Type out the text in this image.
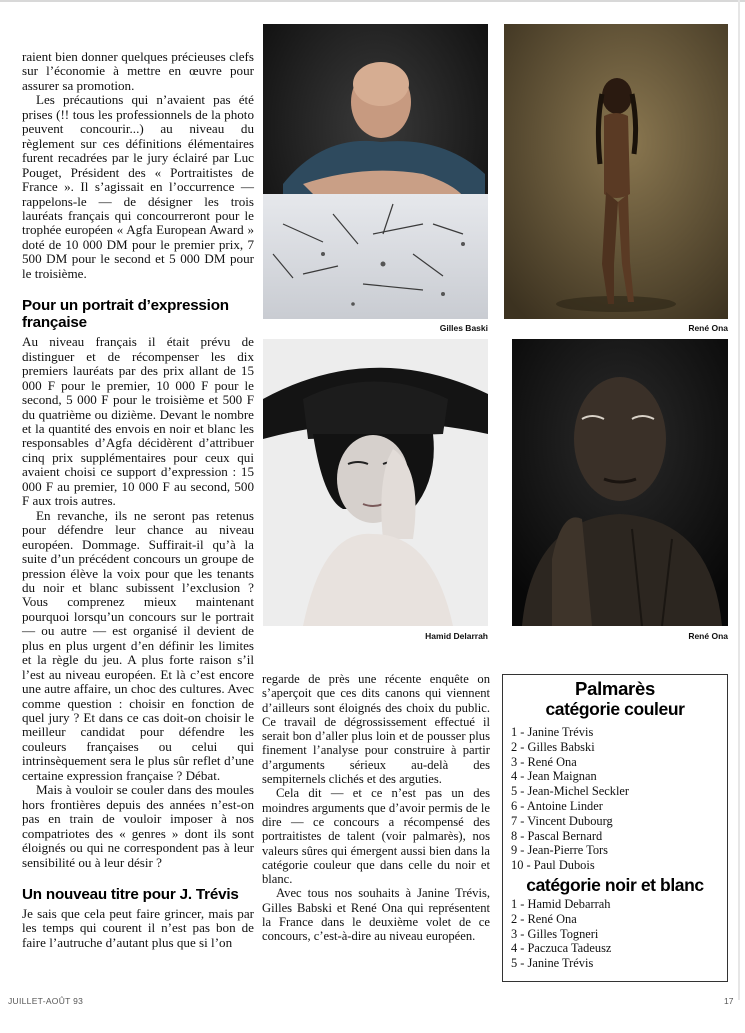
raient bien donner quelques précieuses clefs sur l’économie à mettre en œuvre pour assurer sa promotion.

Les précautions qui n’avaient pas été prises (!! tous les professionnels de la photo peuvent concourir...) au niveau du règlement sur ces définitions élémentaires furent recadrées par le jury éclairé par Luc Pouget, Président des « Portraitistes de France ». Il s’agissait en l’occurrence — rappelons-le — de désigner les trois lauréats français qui concourreront pour le trophée européen « Agfa European Award » doté de 10 000 DM pour le premier prix, 7 500 DM pour le second et 5 000 DM pour le troisième.

Pour un portrait d’expression française

Au niveau français il était prévu de distinguer et de récompenser les dix premiers lauréats par des prix allant de 15 000 F pour le premier, 10 000 F pour le second, 5 000 F pour le troisième et 500 F du quatrième ou dizième. Devant le nombre et la quantité des envois en noir et blanc les responsables d’Agfa décidèrent d’attribuer cinq prix supplémentaires pour ceux qui avaient choisi ce support d’expression : 15 000 F au premier, 10 000 F au second, 500 F aux trois autres.

En revanche, ils ne seront pas retenus pour défendre leur chance au niveau européen. Dommage. Suffirait-il qu’à la suite d’un précédent concours un groupe de pression élève la voix pour que les tenants du noir et blanc subissent l’exclusion ? Vous comprenez mieux maintenant pourquoi lorsqu’un concours sur le portrait — ou autre — est organisé il devient de plus en plus urgent d’en définir les limites et la règle du jeu. A plus forte raison s’il l’est au niveau européen. Et là c’est encore une autre affaire, un choc des cultures. Avec comme question : choisir en fonction de quel jury ? Et dans ce cas doit-on choisir le meilleur candidat pour défendre les couleurs françaises ou celui qui intrinsèquement sera le plus sûr reflet d’une certaine expression française ? Débat.

Mais à vouloir se couler dans des moules hors frontières depuis des années n’est-on pas en train de vouloir imposer à nos compatriotes des « genres » dont ils sont éloignés ou qui ne correspondent pas à leur sensibilité ou à leur désir ?

Un nouveau titre pour J. Trévis

Je sais que cela peut faire grincer, mais par les temps qui courent il n’est pas bon de faire l’autruche d’autant plus que si l’on

Gilles Baski	René Ona
Hamid Delarrah	René Ona

regarde de près une récente enquête on s’aperçoit que ces dits canons qui viennent d’ailleurs sont éloignés des choix du public. Ce travail de dégrossissement effectué il serait bon d’aller plus loin et de pousser plus finement l’analyse pour construire à partir d’arguments sérieux au-delà des sempiternels clichés et des arguties.

Cela dit — et ce n’est pas un des moindres arguments que d’avoir permis de le dire — ce concours a récompensé des portraitistes de talent (voir palmarès), nos valeurs sûres qui émergent aussi bien dans la catégorie couleur que dans celle du noir et blanc.

Avec tous nos souhaits à Janine Trévis, Gilles Babski et René Ona qui représentent la France dans le deuxième volet de ce concours, c’est-à-dire au niveau européen.

Palmarès
catégorie couleur
1 - Janine Trévis
2 - Gilles Babski
3 - René Ona
4 - Jean Maignan
5 - Jean-Michel Seckler
6 - Antoine Linder
7 - Vincent Dubourg
8 - Pascal Bernard
9 - Jean-Pierre Tors
10 - Paul Dubois
catégorie noir et blanc
1 - Hamid Debarrah
2 - René Ona
3 - Gilles Togneri
4 - Paczuca Tadeusz
5 - Janine Trévis
JUILLET-AOÛT 93	17
